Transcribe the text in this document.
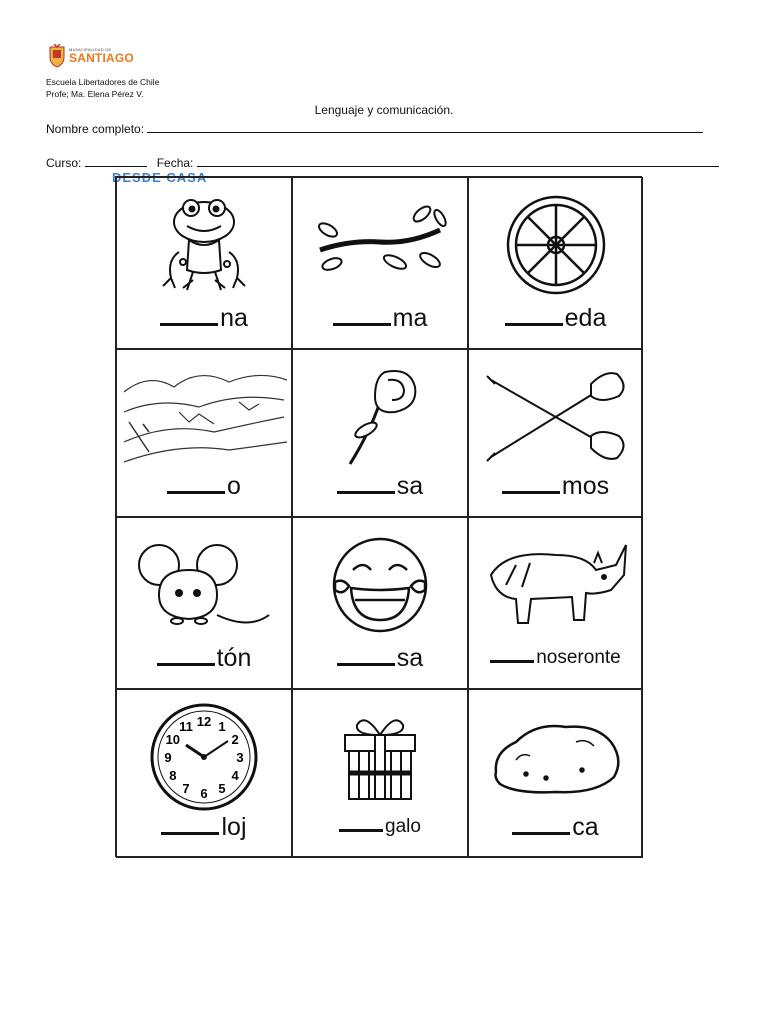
MUNICIPALIDAD DE
SANTIAGO
Escuela Libertadores de Chile
Profe; Ma. Elena Pérez V.
Lenguaje y comunicación.
Nombre completo:
Curso:	Fecha:
DESDE CASA
na	ma	eda
o	sa	mos
tón	sa	noseronte
12 1
2
3
4
5
6
7
8
9
10
11
loj	galo	ca
